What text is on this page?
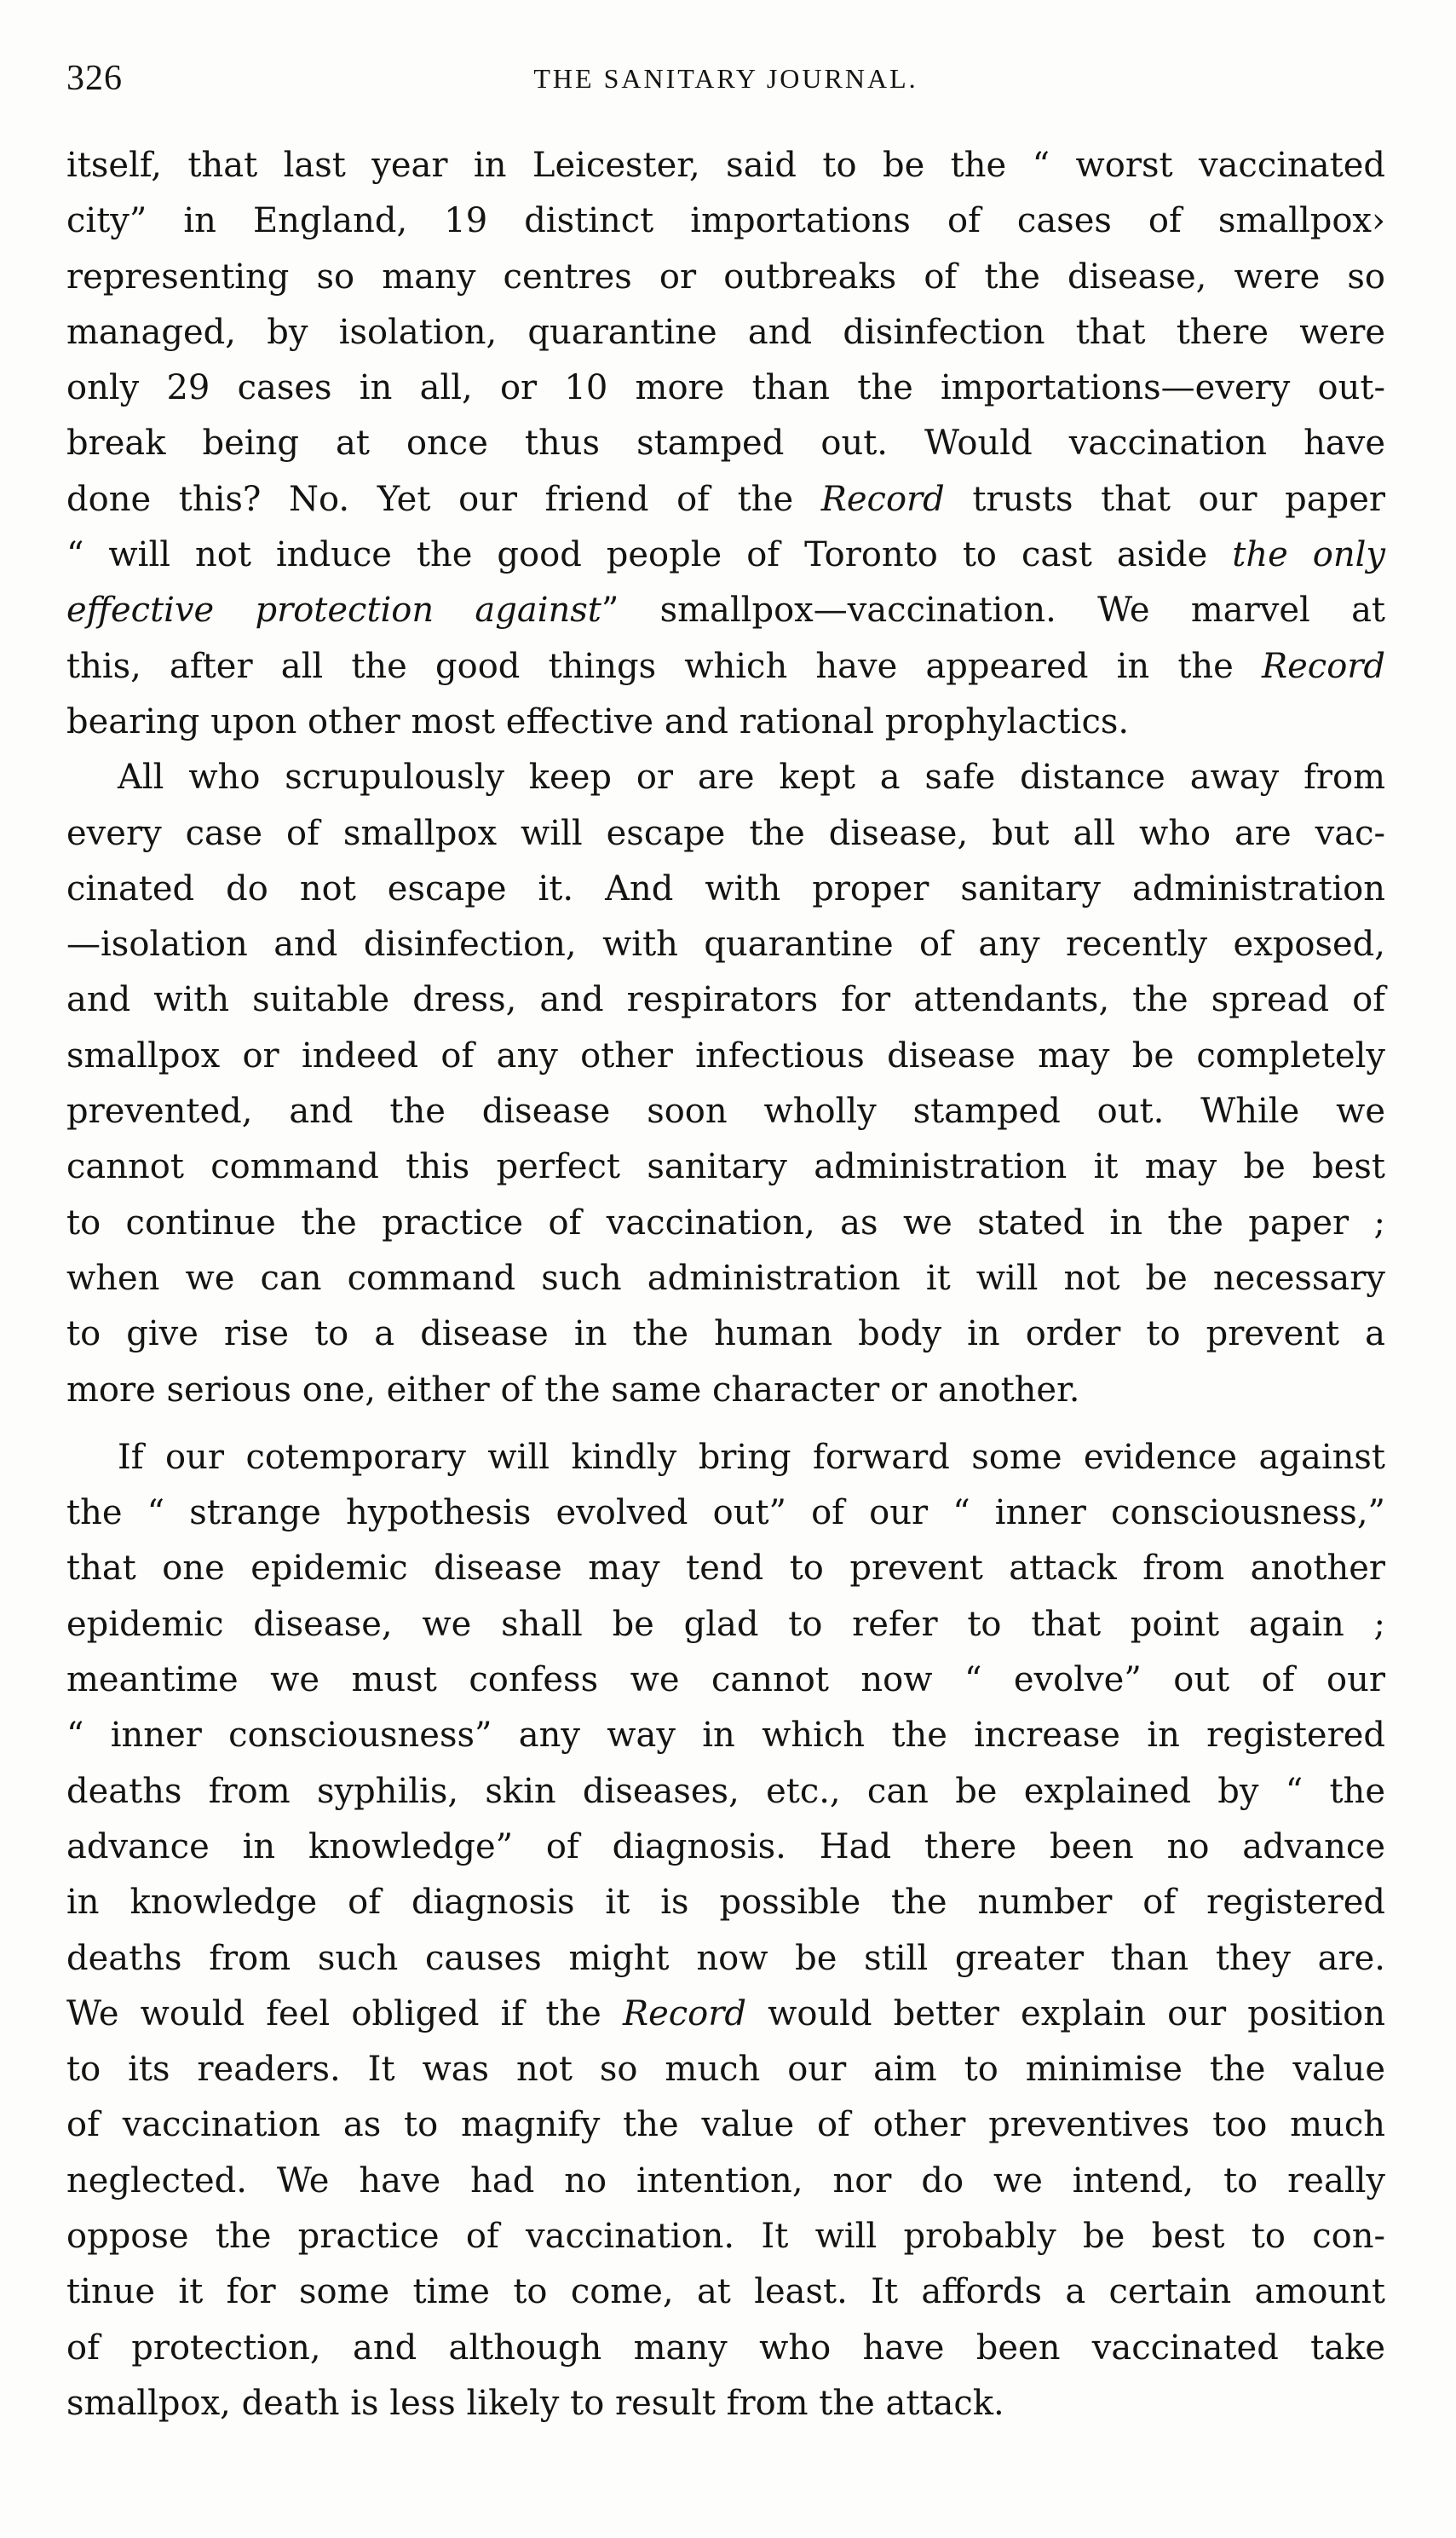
326	THE SANITARY JOURNAL.

itself, that last year in Leicester, said to be the “ worst vaccinated
city” in England, 19 distinct importations of cases of smallpox›
representing so many centres or outbreaks of the disease, were so
managed, by isolation, quarantine and disinfection that there were
only 29 cases in all, or 10 more than the importations—every out-
break being at once thus stamped out. Would vaccination have
done this? No. Yet our friend of the Record trusts that our paper
“ will not induce the good people of Toronto to cast aside the only
effective protection against” smallpox—vaccination. We marvel at
this, after all the good things which have appeared in the Record
bearing upon other most effective and rational prophylactics.

All who scrupulously keep or are kept a safe distance away from
every case of smallpox will escape the disease, but all who are vac-
cinated do not escape it. And with proper sanitary administration
—isolation and disinfection, with quarantine of any recently exposed,
and with suitable dress, and respirators for attendants, the spread of
smallpox or indeed of any other infectious disease may be completely
prevented, and the disease soon wholly stamped out. While we
cannot command this perfect sanitary administration it may be best
to continue the practice of vaccination, as we stated in the paper ;
when we can command such administration it will not be necessary
to give rise to a disease in the human body in order to prevent a
more serious one, either of the same character or another.

If our cotemporary will kindly bring forward some evidence against
the “ strange hypothesis evolved out” of our “ inner consciousness,”
that one epidemic disease may tend to prevent attack from another
epidemic disease, we shall be glad to refer to that point again ;
meantime we must confess we cannot now “ evolve” out of our
“ inner consciousness” any way in which the increase in registered
deaths from syphilis, skin diseases, etc., can be explained by “ the
advance in knowledge” of diagnosis. Had there been no advance
in knowledge of diagnosis it is possible the number of registered
deaths from such causes might now be still greater than they are.
We would feel obliged if the Record would better explain our position
to its readers. It was not so much our aim to minimise the value
of vaccination as to magnify the value of other preventives too much
neglected. We have had no intention, nor do we intend, to really
oppose the practice of vaccination. It will probably be best to con-
tinue it for some time to come, at least. It affords a certain amount
of protection, and although many who have been vaccinated take
smallpox, death is less likely to result from the attack.
